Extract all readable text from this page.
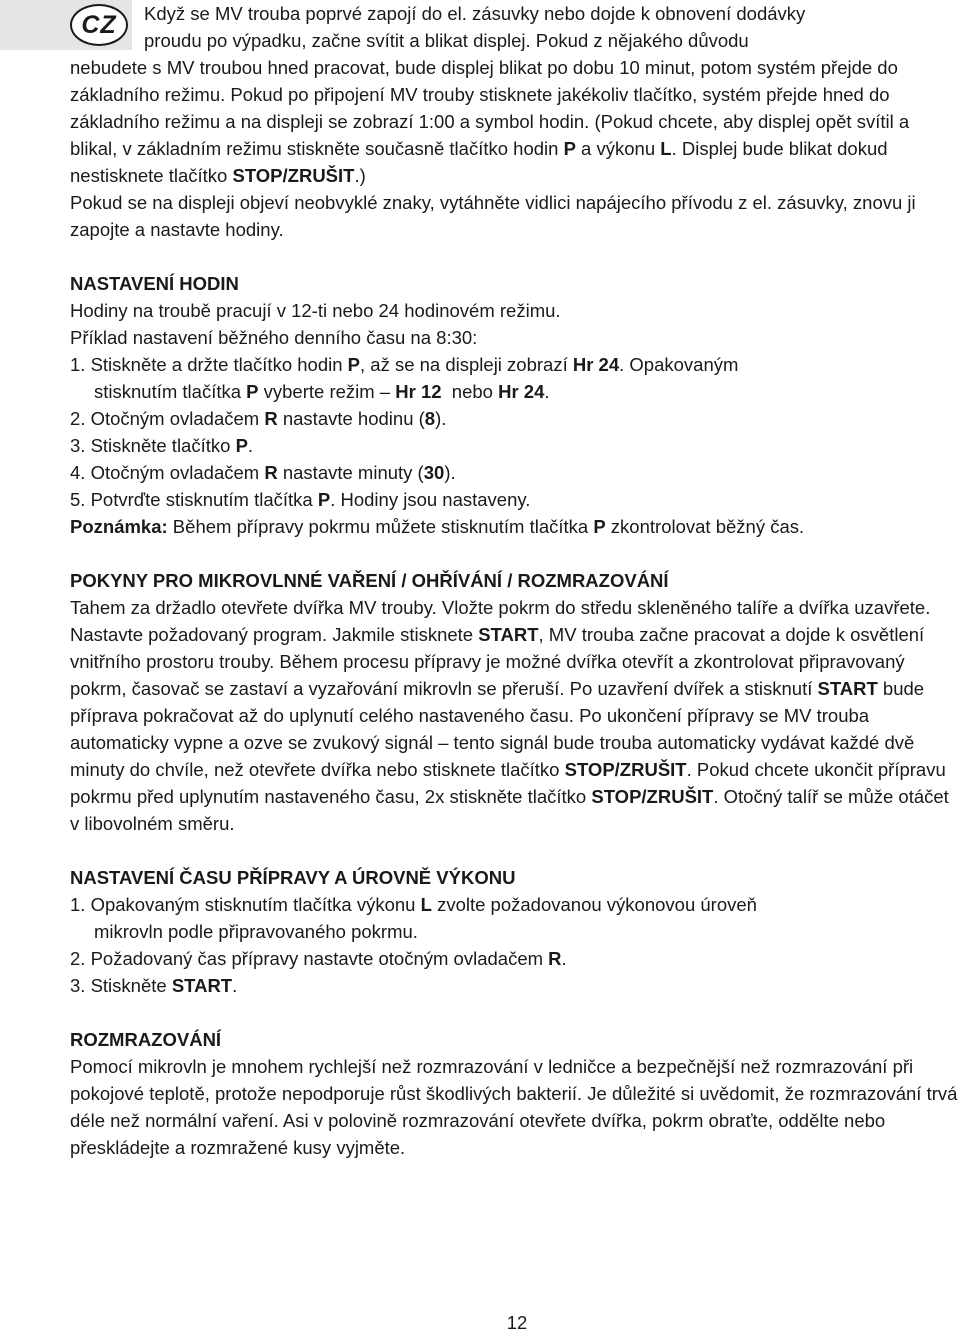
CZ	Když se MV trouba poprvé zapojí do el. zásuvky nebo dojde k obnovení dodávky

proudu po výpadku, začne svítit a blikat displej. Pokud z nějakého důvodu

nebudete s MV troubou hned pracovat, bude displej blikat po dobu 10 minut, potom systém přejde do základního režimu. Pokud po připojení MV trouby stisknete jakékoliv tlačítko, systém přejde hned do základního režimu a na displeji se zobrazí 1:00 a symbol hodin. (Pokud chcete, aby displej opět svítil a blikal, v základním režimu stiskněte současně tlačítko hodin P a výkonu L. Displej bude blikat dokud nestisknete tlačítko STOP/ZRUŠIT.)

Pokud se na displeji objeví neobvyklé znaky, vytáhněte vidlici napájecího přívodu z el. zásuvky, znovu ji zapojte a nastavte hodiny.

NASTAVENÍ HODIN

Hodiny na troubě pracují v 12-ti nebo 24 hodinovém režimu.

Příklad nastavení běžného denního času na 8:30:

1. Stiskněte a držte tlačítko hodin P, až se na displeji zobrazí Hr 24. Opakovaným

stisknutím tlačítka P vyberte režim – Hr 12  nebo Hr 24.

2. Otočným ovladačem R nastavte hodinu (8).

3. Stiskněte tlačítko P.

4. Otočným ovladačem R nastavte minuty (30).

5. Potvrďte stisknutím tlačítka P. Hodiny jsou nastaveny.

Poznámka: Během přípravy pokrmu můžete stisknutím tlačítka P zkontrolovat běžný čas.

POKYNY PRO MIKROVLNNÉ VAŘENÍ / OHŘÍVÁNÍ / ROZMRAZOVÁNÍ

Tahem za držadlo otevřete dvířka MV trouby. Vložte pokrm do středu skleněného talíře a dvířka uzavřete. Nastavte požadovaný program. Jakmile stisknete START, MV trouba začne pracovat a dojde k osvětlení vnitřního prostoru trouby. Během procesu přípravy je možné dvířka otevřít a zkontrolovat připravovaný pokrm, časovač se zastaví a vyzařování mikrovln se přeruší. Po uzavření dvířek a stisknutí START bude příprava pokračovat až do uplynutí celého nastaveného času. Po ukončení přípravy se MV trouba automaticky vypne a ozve se zvukový signál – tento signál bude trouba automaticky vydávat každé dvě minuty do chvíle, než otevřete dvířka nebo stisknete tlačítko STOP/ZRUŠIT. Pokud chcete ukončit přípravu pokrmu před uplynutím nastaveného času, 2x stiskněte tlačítko STOP/ZRUŠIT. Otočný talíř se může otáčet v libovolném směru.

NASTAVENÍ ČASU PŘÍPRAVY A ÚROVNĚ VÝKONU

1. Opakovaným stisknutím tlačítka výkonu L zvolte požadovanou výkonovou úroveň

mikrovln podle připravovaného pokrmu.

2. Požadovaný čas přípravy nastavte otočným ovladačem R.

3. Stiskněte START.

ROZMRAZOVÁNÍ

Pomocí mikrovln je mnohem rychlejší než rozmrazování v ledničce a bezpečnější než rozmrazování při pokojové teplotě, protože nepodporuje růst škodlivých bakterií. Je důležité si uvědomit, že rozmrazování trvá déle než normální vaření. Asi v polovině rozmrazování otevřete dvířka, pokrm obraťte, oddělte nebo přeskládejte a rozmražené kusy vyjměte.

12
